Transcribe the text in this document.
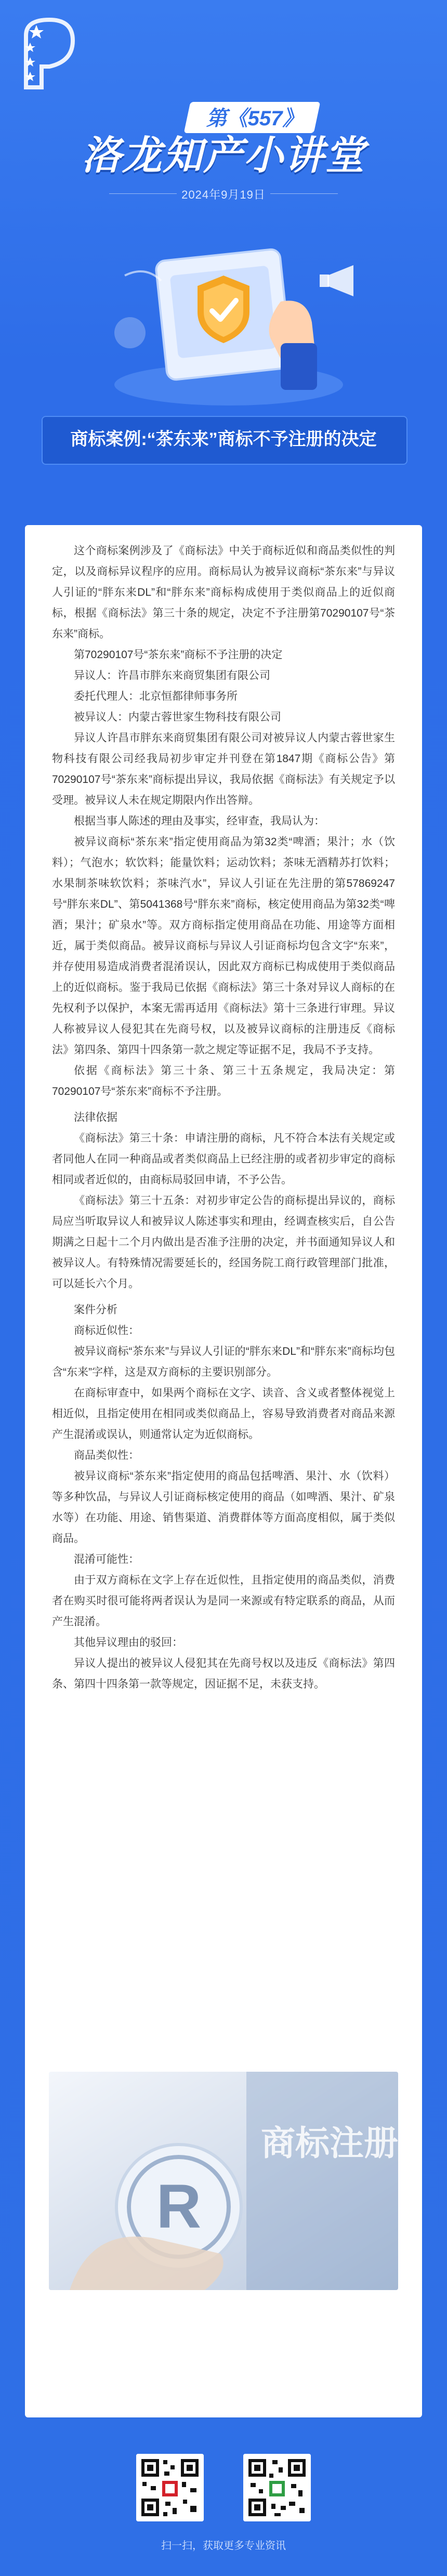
第《557》
洛龙知产小讲堂
2024年9月19日
商标案例:“茶东来”商标不予注册的决定

这个商标案例涉及了《商标法》中关于商标近似和商品类似性的判定，以及商标异议程序的应用。商标局认为被异议商标“茶东来”与异议人引证的“胖东来DL”和“胖东来”商标构成使用于类似商品上的近似商标，根据《商标法》第三十条的规定，决定不予注册第70290107号“茶东来”商标。

第70290107号“茶东来”商标不予注册的决定

异议人：许昌市胖东来商贸集团有限公司

委托代理人：北京恒都律师事务所

被异议人：内蒙古蓉世家生物科技有限公司

异议人许昌市胖东来商贸集团有限公司对被异议人内蒙古蓉世家生物科技有限公司经我局初步审定并刊登在第1847期《商标公告》第70290107号“茶东来”商标提出异议，我局依据《商标法》有关规定予以受理。被异议人未在规定期限内作出答辩。

根据当事人陈述的理由及事实，经审查，我局认为：

被异议商标“茶东来”指定使用商品为第32类“啤酒；果汁；水（饮料）；气泡水；软饮料；能量饮料；运动饮料；茶味无酒精苏打饮料；水果制茶味软饮料；茶味汽水”，异议人引证在先注册的第57869247号“胖东来DL”、第5041368号“胖东来”商标，核定使用商品为第32类“啤酒；果汁；矿泉水”等。双方商标指定使用商品在功能、用途等方面相近，属于类似商品。被异议商标与异议人引证商标均包含文字“东来”，并存使用易造成消费者混淆误认，因此双方商标已构成使用于类似商品上的近似商标。鉴于我局已依据《商标法》第三十条对异议人商标的在先权利予以保护，本案无需再适用《商标法》第十三条进行审理。异议人称被异议人侵犯其在先商号权，以及被异议商标的注册违反《商标法》第四条、第四十四条第一款之规定等证据不足，我局不予支持。

依据《商标法》第三十条、第三十五条规定，我局决定：第70290107号“茶东来”商标不予注册。

法律依据

《商标法》第三十条：申请注册的商标，凡不符合本法有关规定或者同他人在同一种商品或者类似商品上已经注册的或者初步审定的商标相同或者近似的，由商标局驳回申请，不予公告。

《商标法》第三十五条：对初步审定公告的商标提出异议的，商标局应当听取异议人和被异议人陈述事实和理由，经调查核实后，自公告期满之日起十二个月内做出是否准予注册的决定，并书面通知异议人和被异议人。有特殊情况需要延长的，经国务院工商行政管理部门批准，可以延长六个月。

案件分析

商标近似性：

被异议商标“茶东来”与异议人引证的“胖东来DL”和“胖东来”商标均包含“东来”字样，这是双方商标的主要识别部分。

在商标审查中，如果两个商标在文字、读音、含义或者整体视觉上相近似，且指定使用在相同或类似商品上，容易导致消费者对商品来源产生混淆或误认，则通常认定为近似商标。

商品类似性：

被异议商标“茶东来”指定使用的商品包括啤酒、果汁、水（饮料）等多种饮品，与异议人引证商标核定使用的商品（如啤酒、果汁、矿泉水等）在功能、用途、销售渠道、消费群体等方面高度相似，属于类似商品。

混淆可能性：

由于双方商标在文字上存在近似性，且指定使用的商品类似，消费者在购买时很可能将两者误认为是同一来源或有特定联系的商品，从而产生混淆。

其他异议理由的驳回：

异议人提出的被异议人侵犯其在先商号权以及违反《商标法》第四条、第四十四条第一款等规定，因证据不足，未获支持。

R
商标注册
扫一扫，获取更多专业资讯
